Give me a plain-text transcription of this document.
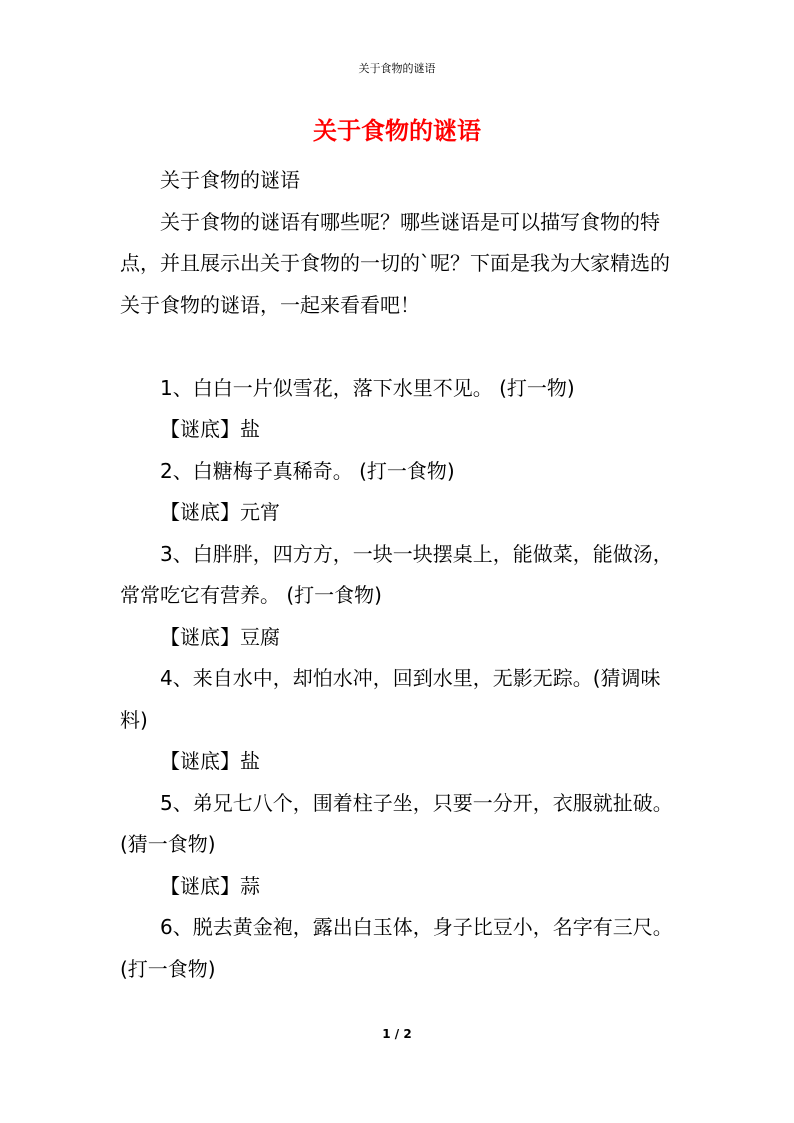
关于食物的谜语
关于食物的谜语

关于食物的谜语

关于食物的谜语有哪些呢？哪些谜语是可以描写食物的特点，并且展示出关于食物的一切的`呢？下面是我为大家精选的关于食物的谜语，一起来看看吧！

1、白白一片似雪花，落下水里不见。 (打一物)

【谜底】盐

2、白糖梅子真稀奇。 (打一食物)

【谜底】元宵

3、白胖胖，四方方，一块一块摆桌上，能做菜，能做汤，常常吃它有营养。 (打一食物)

【谜底】豆腐

4、来自水中，却怕水冲，回到水里，无影无踪。(猜调味料)

【谜底】盐

5、弟兄七八个，围着柱子坐，只要一分开，衣服就扯破。(猜一食物)

【谜底】蒜

6、脱去黄金袍，露出白玉体，身子比豆小，名字有三尺。(打一食物)

1 / 2
